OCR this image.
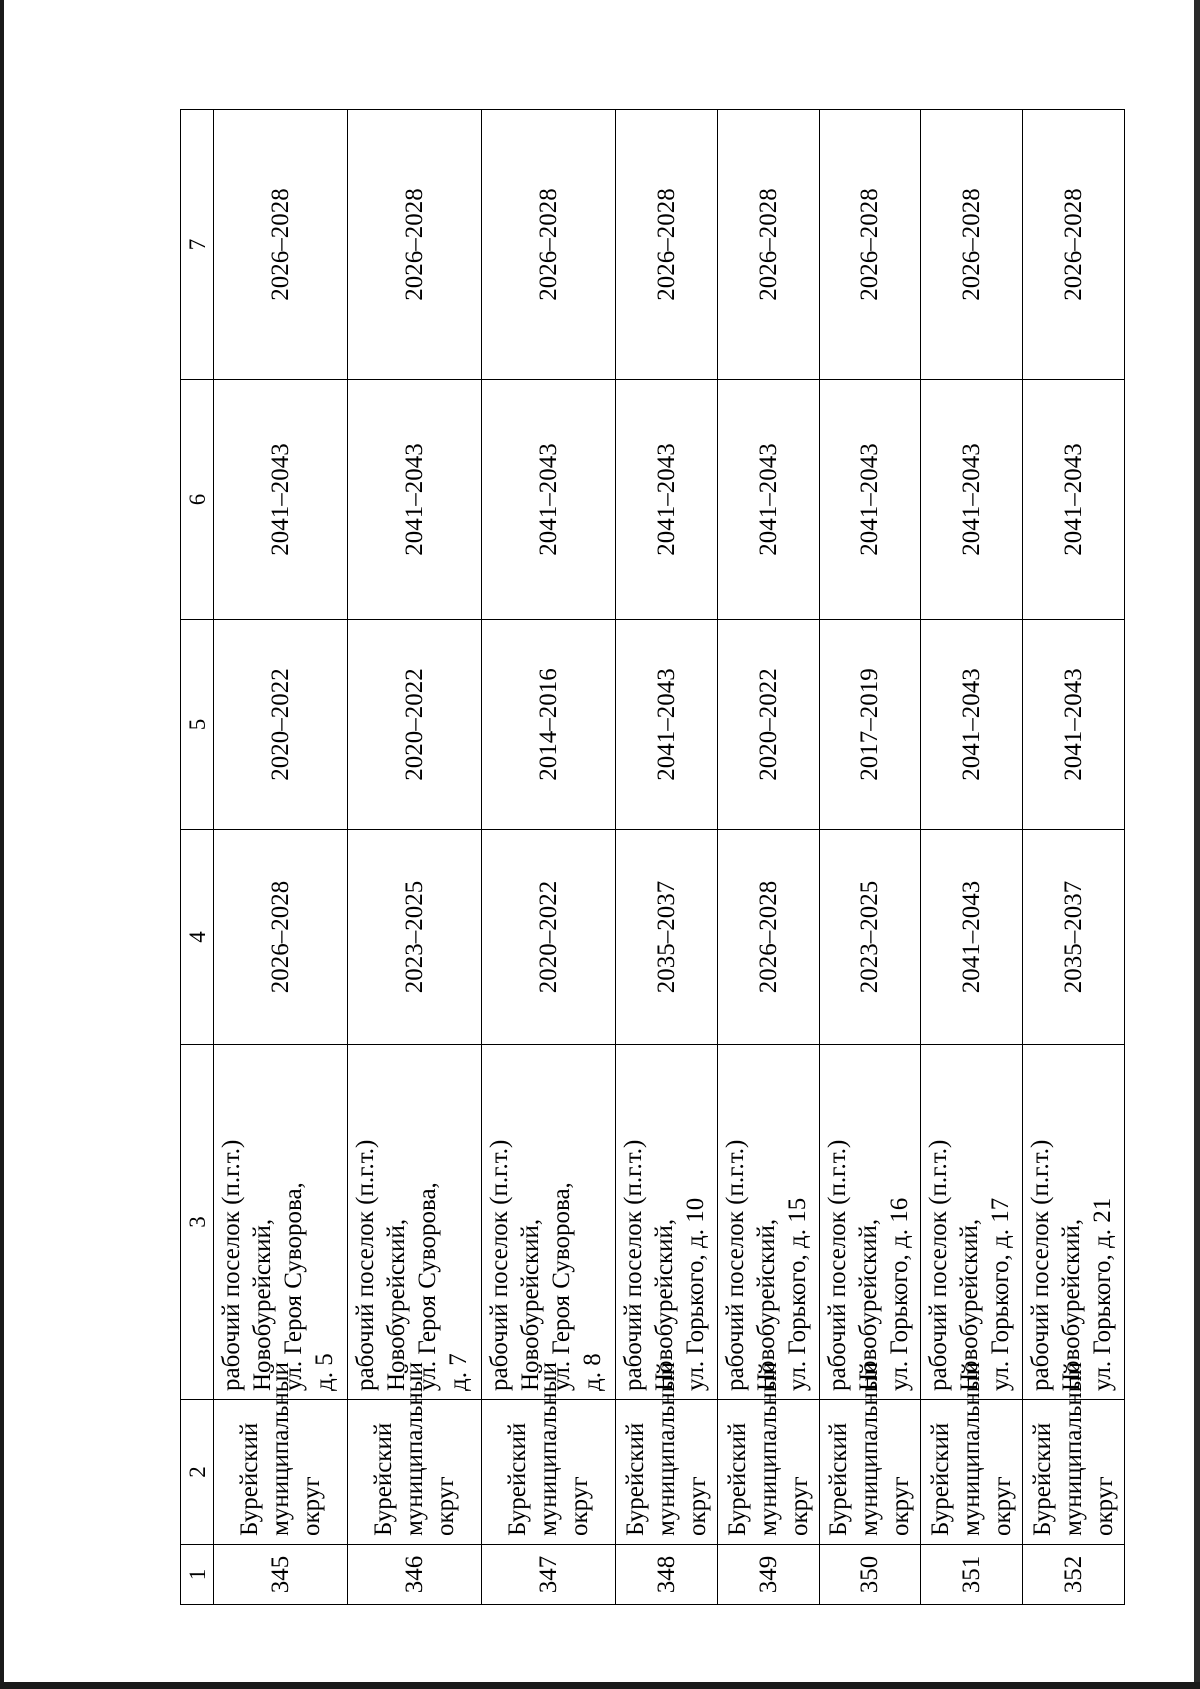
1	2	3	4	5	6	7
345	Бурейский муниципальный округ	рабочий поселок (п.г.т.) Новобурейский, ул. Героя Суворова, д. 5	2026–2028	2020–2022	2041–2043	2026–2028
346	Бурейский муниципальный округ	рабочий поселок (п.г.т.) Новобурейский, ул. Героя Суворова, д. 7	2023–2025	2020–2022	2041–2043	2026–2028
347	Бурейский муниципальный округ	рабочий поселок (п.г.т.) Новобурейский, ул. Героя Суворова, д. 8	2020–2022	2014–2016	2041–2043	2026–2028
348	Бурейский муниципальный округ	рабочий поселок (п.г.т.) Новобурейский, ул. Горького, д. 10	2035–2037	2041–2043	2041–2043	2026–2028
349	Бурейский муниципальный округ	рабочий поселок (п.г.т.) Новобурейский, ул. Горького, д. 15	2026–2028	2020–2022	2041–2043	2026–2028
350	Бурейский муниципальный округ	рабочий поселок (п.г.т.) Новобурейский, ул. Горького, д. 16	2023–2025	2017–2019	2041–2043	2026–2028
351	Бурейский муниципальный округ	рабочий поселок (п.г.т.) Новобурейский, ул. Горького, д. 17	2041–2043	2041–2043	2041–2043	2026–2028
352	Бурейский муниципальный округ	рабочий поселок (п.г.т.) Новобурейский, ул. Горького, д. 21	2035–2037	2041–2043	2041–2043	2026–2028
